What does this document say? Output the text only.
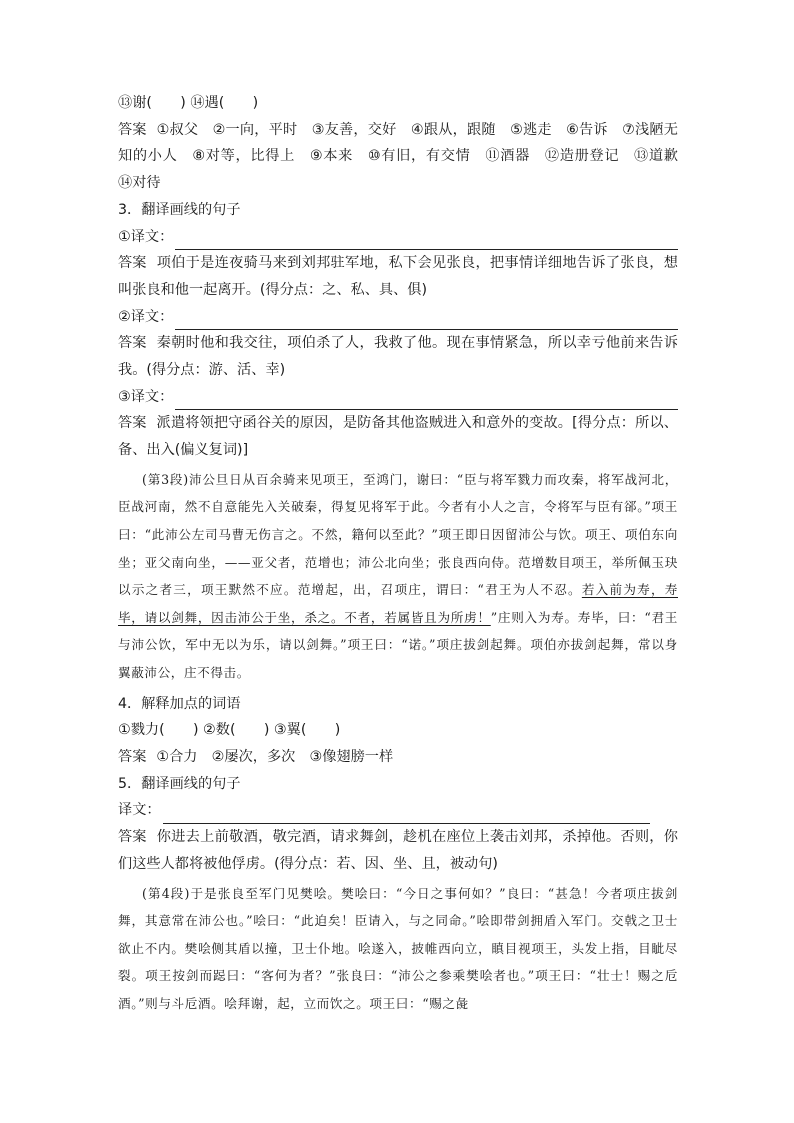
⑬谢(　　) ⑭遇(　　)
答案 ①叔父　②一向，平时　③友善，交好　④跟从，跟随　⑤逃走　⑥告诉　⑦浅陋无知的小人　⑧对等，比得上　⑨本来　⑩有旧，有交情　⑪酒器　⑫造册登记　⑬道歉　⑭对待
3．翻译画线的句子
①译文：
答案 项伯于是连夜骑马来到刘邦驻军地，私下会见张良，把事情详细地告诉了张良，想叫张良和他一起离开。(得分点：之、私、具、俱)
②译文：
答案 秦朝时他和我交往，项伯杀了人，我救了他。现在事情紧急，所以幸亏他前来告诉我。(得分点：游、活、幸)
③译文：
答案 派遣将领把守函谷关的原因，是防备其他盗贼进入和意外的变故。[得分点：所以、备、出入(偏义复词)]
(第3段)沛公旦日从百余骑来见项王，至鸿门，谢曰：“臣与将军戮力而攻秦，将军战河北，臣战河南，然不自意能先入关破秦，得复见将军于此。今者有小人之言，令将军与臣有郤。”项王曰：“此沛公左司马曹无伤言之。不然，籍何以至此？”项王即日因留沛公与饮。项王、项伯东向坐；亚父南向坐，——亚父者，范增也；沛公北向坐；张良西向侍。范增数目项王，举所佩玉玦以示之者三，项王默然不应。范增起，出，召项庄，谓曰：“君王为人不忍。若入前为寿，寿毕，请以剑舞，因击沛公于坐，杀之。不者，若属皆且为所虏！”庄则入为寿。寿毕，曰：“君王与沛公饮，军中无以为乐，请以剑舞。”项王曰：“诺。”项庄拔剑起舞。项伯亦拔剑起舞，常以身翼蔽沛公，庄不得击。
4．解释加点的词语
①戮力(　　) ②数(　　) ③翼(　　)
答案 ①合力　②屡次，多次　③像翅膀一样
5．翻译画线的句子
译文：
答案 你进去上前敬酒，敬完酒，请求舞剑，趁机在座位上袭击刘邦，杀掉他。否则，你们这些人都将被他俘虏。(得分点：若、因、坐、且，被动句)
(第4段)于是张良至军门见樊哙。樊哙曰：“今日之事何如？”良曰：“甚急！今者项庄拔剑舞，其意常在沛公也。”哙曰：“此迫矣！臣请入，与之同命。”哙即带剑拥盾入军门。交戟之卫士欲止不内。樊哙侧其盾以撞，卫士仆地。哙遂入，披帷西向立，瞋目视项王，头发上指，目眦尽裂。项王按剑而跽曰：“客何为者？”张良曰：“沛公之参乘樊哙者也。”项王曰：“壮士！赐之卮酒。”则与斗卮酒。哙拜谢，起，立而饮之。项王曰：“赐之彘
